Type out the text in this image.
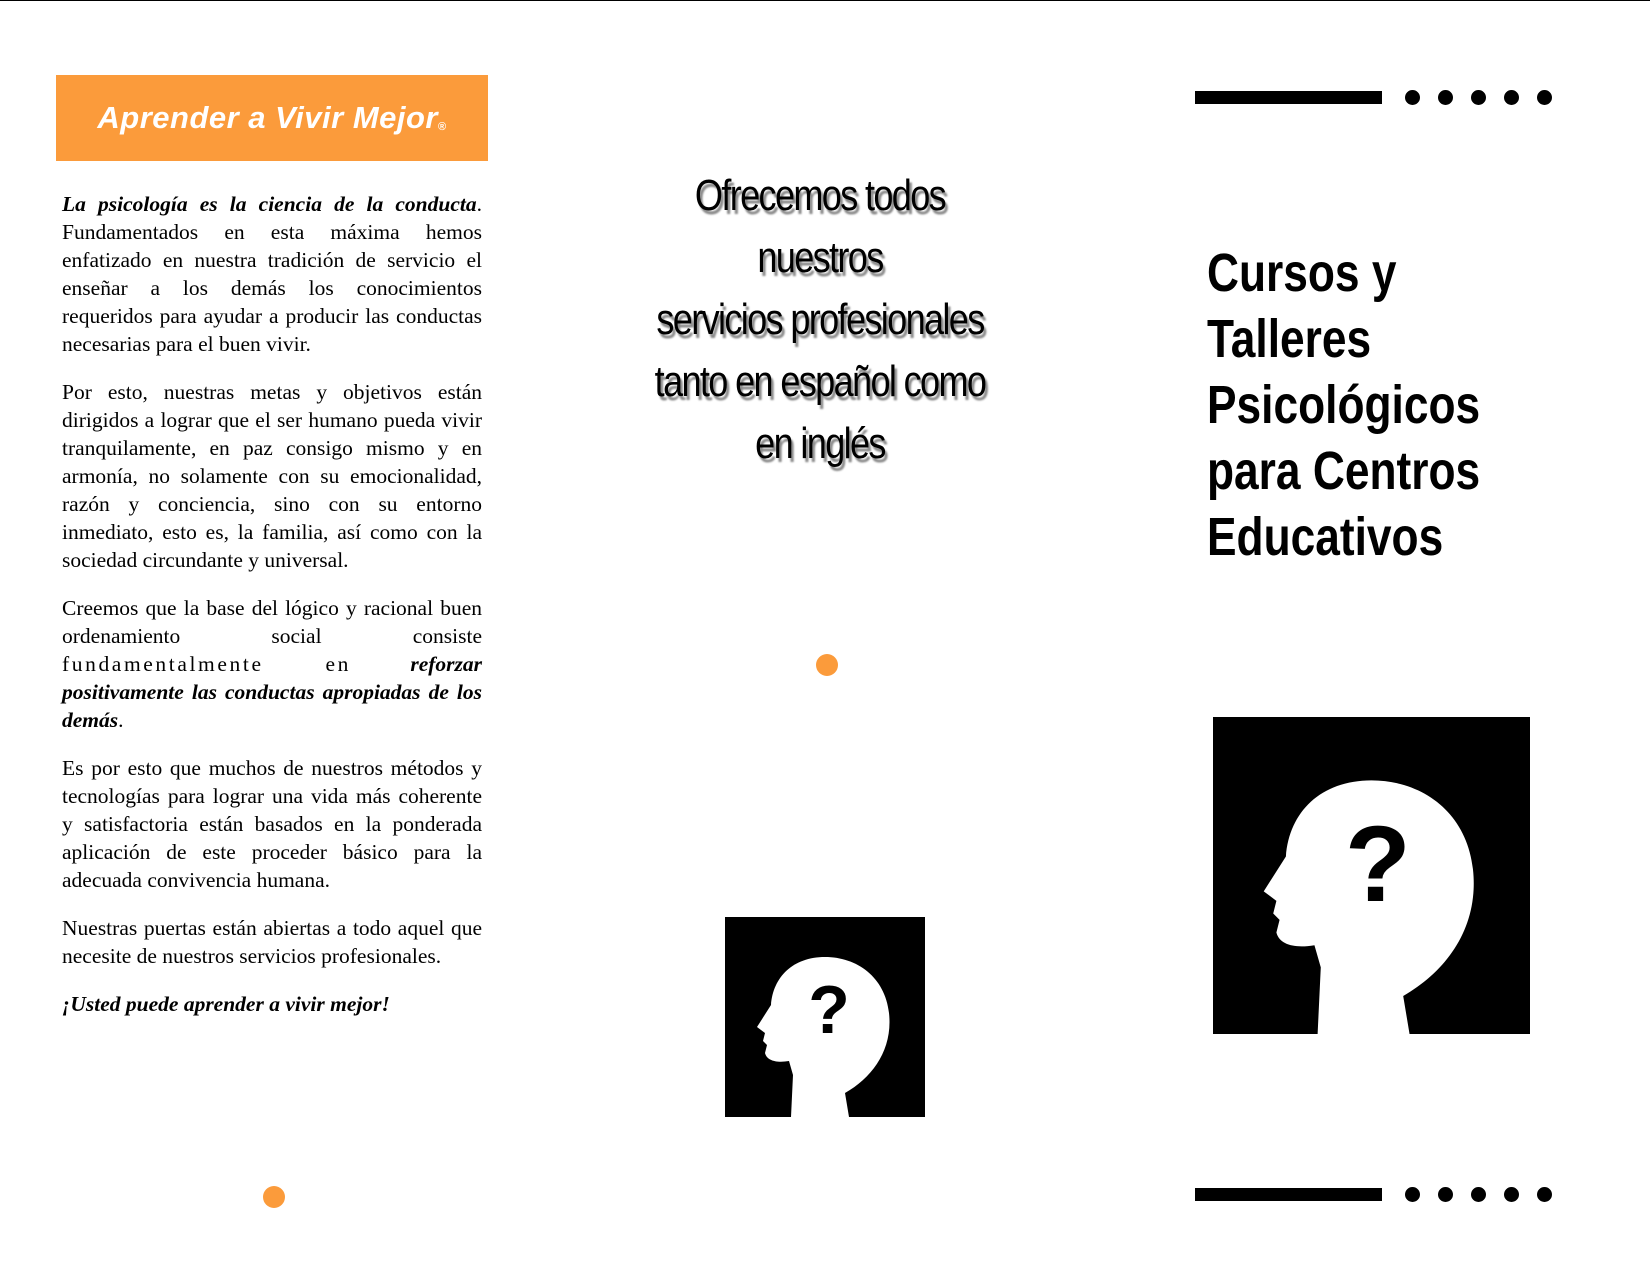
Aprender a Vivir Mejor®

La psicología es la ciencia de la conducta. Fundamentados en esta máxima hemos enfatizado en nuestra tradición de servicio el enseñar a los demás los conocimientos requeridos para ayudar a producir las conductas necesarias para el buen vivir.

Por esto, nuestras metas y objetivos están dirigidos a lograr que el ser humano pueda vivir tranquilamente, en paz consigo mismo y en armonía, no solamente con su emocionalidad, razón y conciencia, sino con su entorno inmediato, esto es, la familia, así como con la sociedad circundante y universal.

Creemos que la base del lógico y racional buen ordenamiento social consiste fundamentalmente en	reforzar positivamente las conductas apropiadas de los demás.

Es por esto que muchos de nuestros métodos y tecnologías para lograr una vida más coherente y satisfactoria están basados en la ponderada aplicación de este proceder básico para la adecuada convivencia humana.

Nuestras puertas están abiertas a todo aquel que necesite de nuestros servicios profesionales.

¡Usted puede aprender a vivir mejor!

Ofrecemos todos nuestros
servicios profesionales
tanto en español como
en inglés
?
Cursos y
Talleres
Psicológicos
para Centros
Educativos
?
